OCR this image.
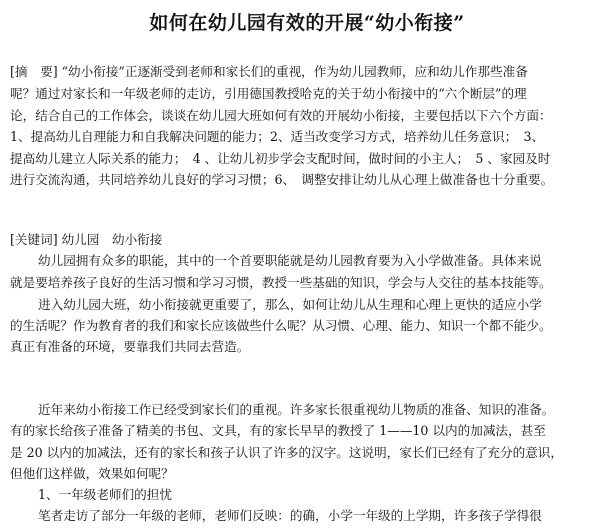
如何在幼儿园有效的开展“幼小衔接”
[摘　要] “幼小衔接”正逐渐受到老师和家长们的重视，作为幼儿园教师，应和幼儿作那些准备
呢？通过对家长和一年级老师的走访，引用德国教授哈克的关于幼小衔接中的“六个断层”的理
论，结合自己的工作体会，谈谈在幼儿园大班如何有效的开展幼小衔接，主要包括以下六个方面：
1、提高幼儿自理能力和自我解决问题的能力；2、适当改变学习方式，培养幼儿任务意识；　3、
提高幼儿建立人际关系的能力；　4 、让幼儿初步学会支配时间，做时间的小主人；　5 、家园及时
进行交流沟通，共同培养幼儿良好的学习习惯；6、　调整安排让幼儿从心理上做准备也十分重要。
[关键词] 幼儿园　幼小衔接
幼儿园拥有众多的职能，其中的一个首要职能就是幼儿园教育要为入小学做准备。具体来说
就是要培养孩子良好的生活习惯和学习习惯，教授一些基础的知识，学会与人交往的基本技能等。
进入幼儿园大班，幼小衔接就更重要了，那么，如何让幼儿从生理和心理上更快的适应小学
的生活呢？作为教育者的我们和家长应该做些什么呢？从习惯、心理、能力、知识一个都不能少。
真正有准备的环境，要靠我们共同去营造。
近年来幼小衔接工作已经受到家长们的重视。许多家长很重视幼儿物质的准备、知识的准备。
有的家长给孩子准备了精美的书包、文具，有的家长早早的教授了 1——10 以内的加减法，甚至
是 20 以内的加减法，还有的家长和孩子认识了许多的汉字。这说明，家长们已经有了充分的意识，
但他们这样做，效果如何呢？
1、一年级老师们的担忧
笔者走访了部分一年级的老师，老师们反映：的确，小学一年级的上学期，许多孩子学得很
